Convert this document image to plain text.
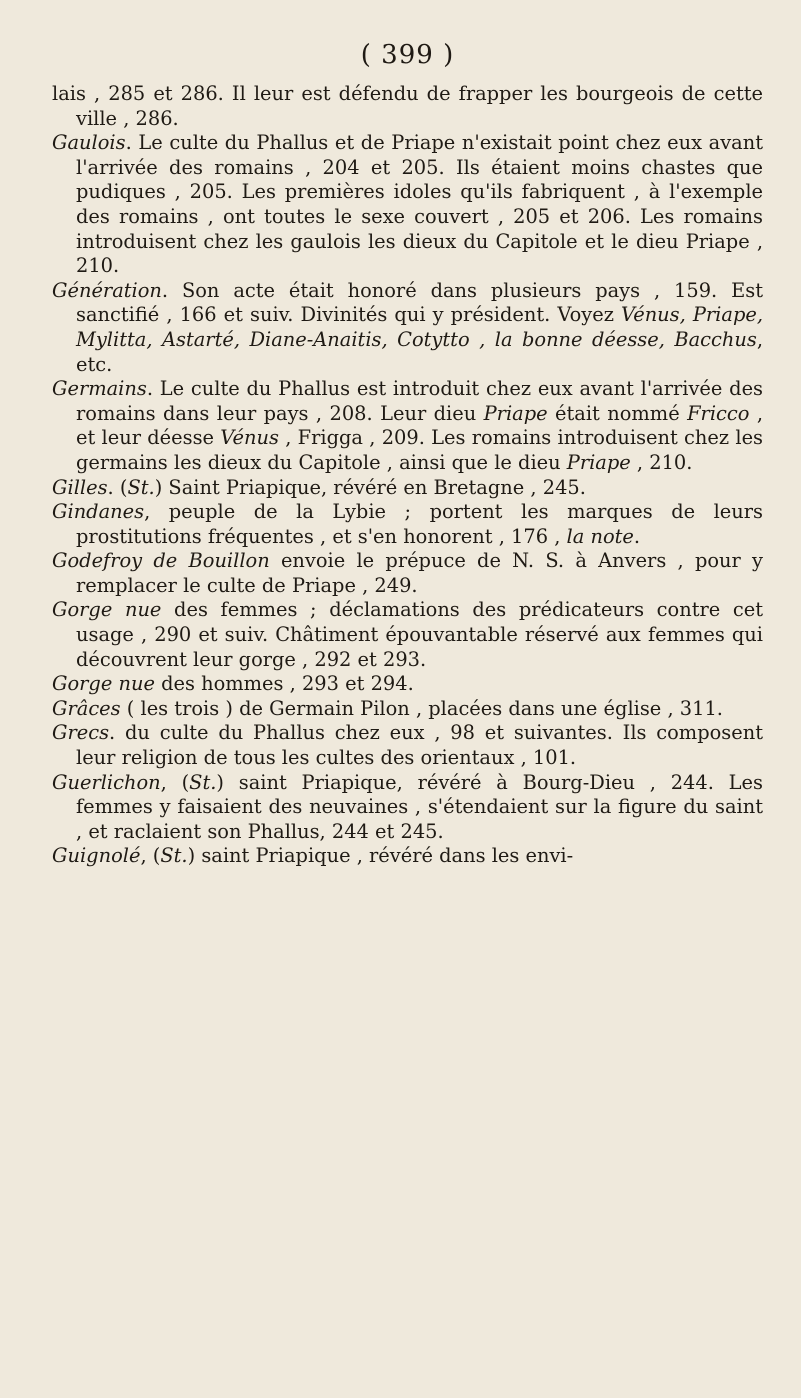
( 399 )

lais , 285 et 286. Il leur est défendu de frapper les bourgeois de cette ville , 286.

Gaulois. Le culte du Phallus et de Priape n'existait point chez eux avant l'arrivée des romains , 204 et 205. Ils étaient moins chastes que pudiques , 205. Les premières idoles qu'ils fabriquent , à l'exemple des romains , ont toutes le sexe couvert , 205 et 206. Les romains introduisent chez les gaulois les dieux du Capitole et le dieu Priape , 210.

Génération. Son acte était honoré dans plusieurs pays , 159. Est sanctifié , 166 et suiv. Divinités qui y président. Voyez Vénus, Priape, Mylitta, Astarté, Diane-Anaitis, Cotytto , la bonne déesse, Bacchus, etc.

Germains. Le culte du Phallus est introduit chez eux avant l'arrivée des romains dans leur pays , 208. Leur dieu Priape était nommé Fricco , et leur déesse Vénus , Frigga , 209. Les romains introduisent chez les germains les dieux du Capitole , ainsi que le dieu Priape , 210.

Gilles. (St.) Saint Priapique, révéré en Bretagne , 245.

Gindanes, peuple de la Lybie ; portent les marques de leurs prostitutions fréquentes , et s'en honorent , 176 , la note.

Godefroy de Bouillon envoie le prépuce de N. S. à Anvers , pour y remplacer le culte de Priape , 249.

Gorge nue des femmes ; déclamations des prédicateurs contre cet usage , 290 et suiv. Châtiment épouvantable réservé aux femmes qui découvrent leur gorge , 292 et 293.

Gorge nue des hommes , 293 et 294.

Grâces ( les trois ) de Germain Pilon , placées dans une église , 311.

Grecs. du culte du Phallus chez eux , 98 et suivantes. Ils composent leur religion de tous les cultes des orientaux , 101.

Guerlichon, (St.) saint Priapique, révéré à Bourg-Dieu , 244. Les femmes y faisaient des neuvaines , s'étendaient sur la figure du saint , et raclaient son Phallus, 244 et 245.

Guignolé, (St.) saint Priapique , révéré dans les envi-
